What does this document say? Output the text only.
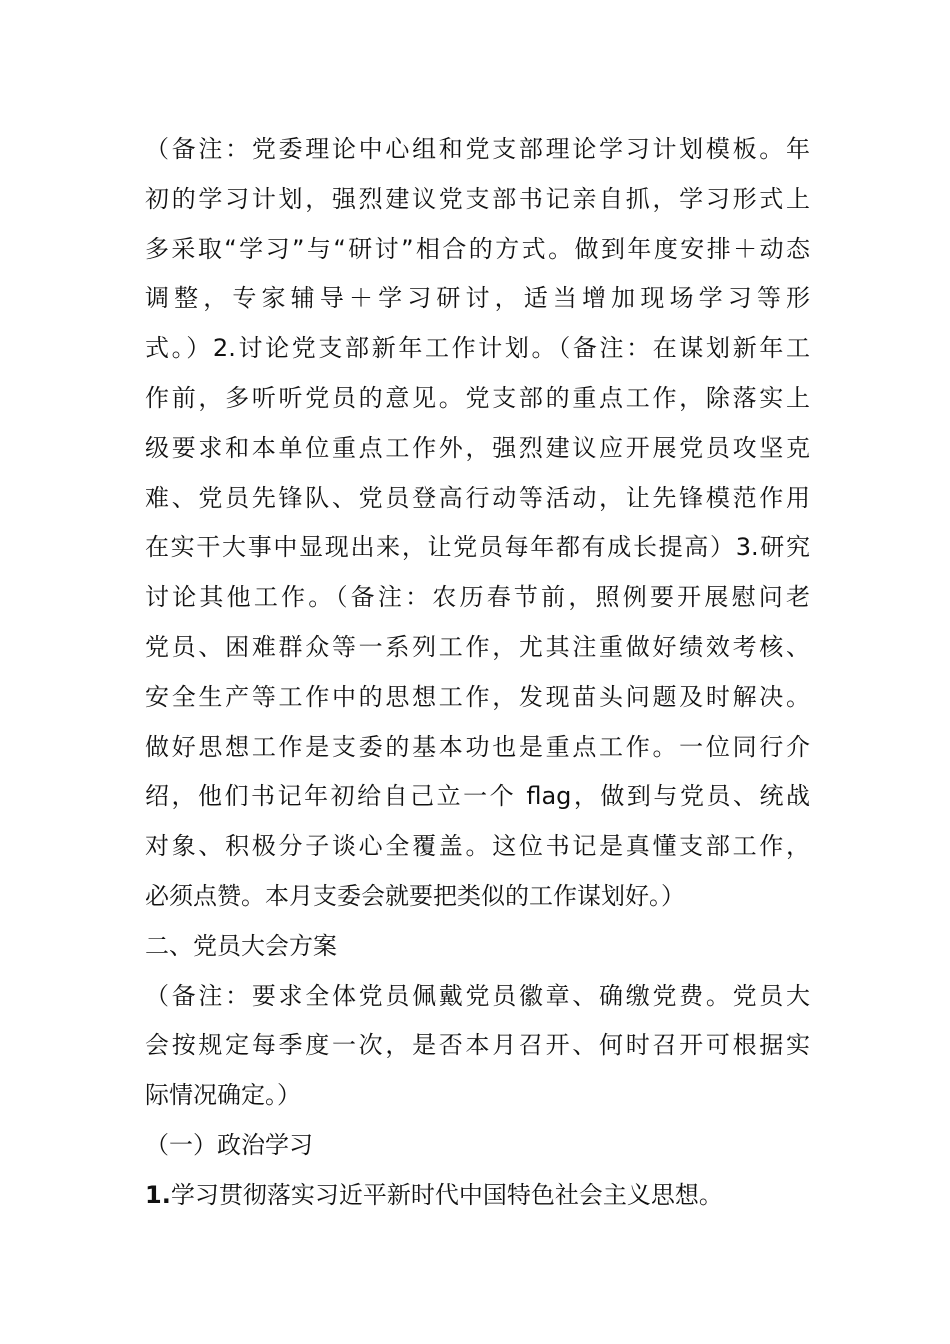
（备注：党委理论中心组和党支部理论学习计划模板。年
初的学习计划，强烈建议党支部书记亲自抓，学习形式上
多采取“学习”与“研讨”相合的方式。做到年度安排＋动态
调整，专家辅导＋学习研讨，适当增加现场学习等形
式。）2.讨论党支部新年工作计划。（备注：在谋划新年工
作前，多听听党员的意见。党支部的重点工作，除落实上
级要求和本单位重点工作外，强烈建议应开展党员攻坚克
难、党员先锋队、党员登高行动等活动，让先锋模范作用
在实干大事中显现出来，让党员每年都有成长提高）3.研究
讨论其他工作。（备注：农历春节前，照例要开展慰问老
党员、困难群众等一系列工作，尤其注重做好绩效考核、
安全生产等工作中的思想工作，发现苗头问题及时解决。
做好思想工作是支委的基本功也是重点工作。一位同行介
绍，他们书记年初给自己立一个 flag，做到与党员、统战
对象、积极分子谈心全覆盖。这位书记是真懂支部工作，
必须点赞。本月支委会就要把类似的工作谋划好。）
二、党员大会方案
（备注：要求全体党员佩戴党员徽章、确缴党费。党员大
会按规定每季度一次，是否本月召开、何时召开可根据实
际情况确定。）
（一）政治学习
1.学习贯彻落实习近平新时代中国特色社会主义思想。
